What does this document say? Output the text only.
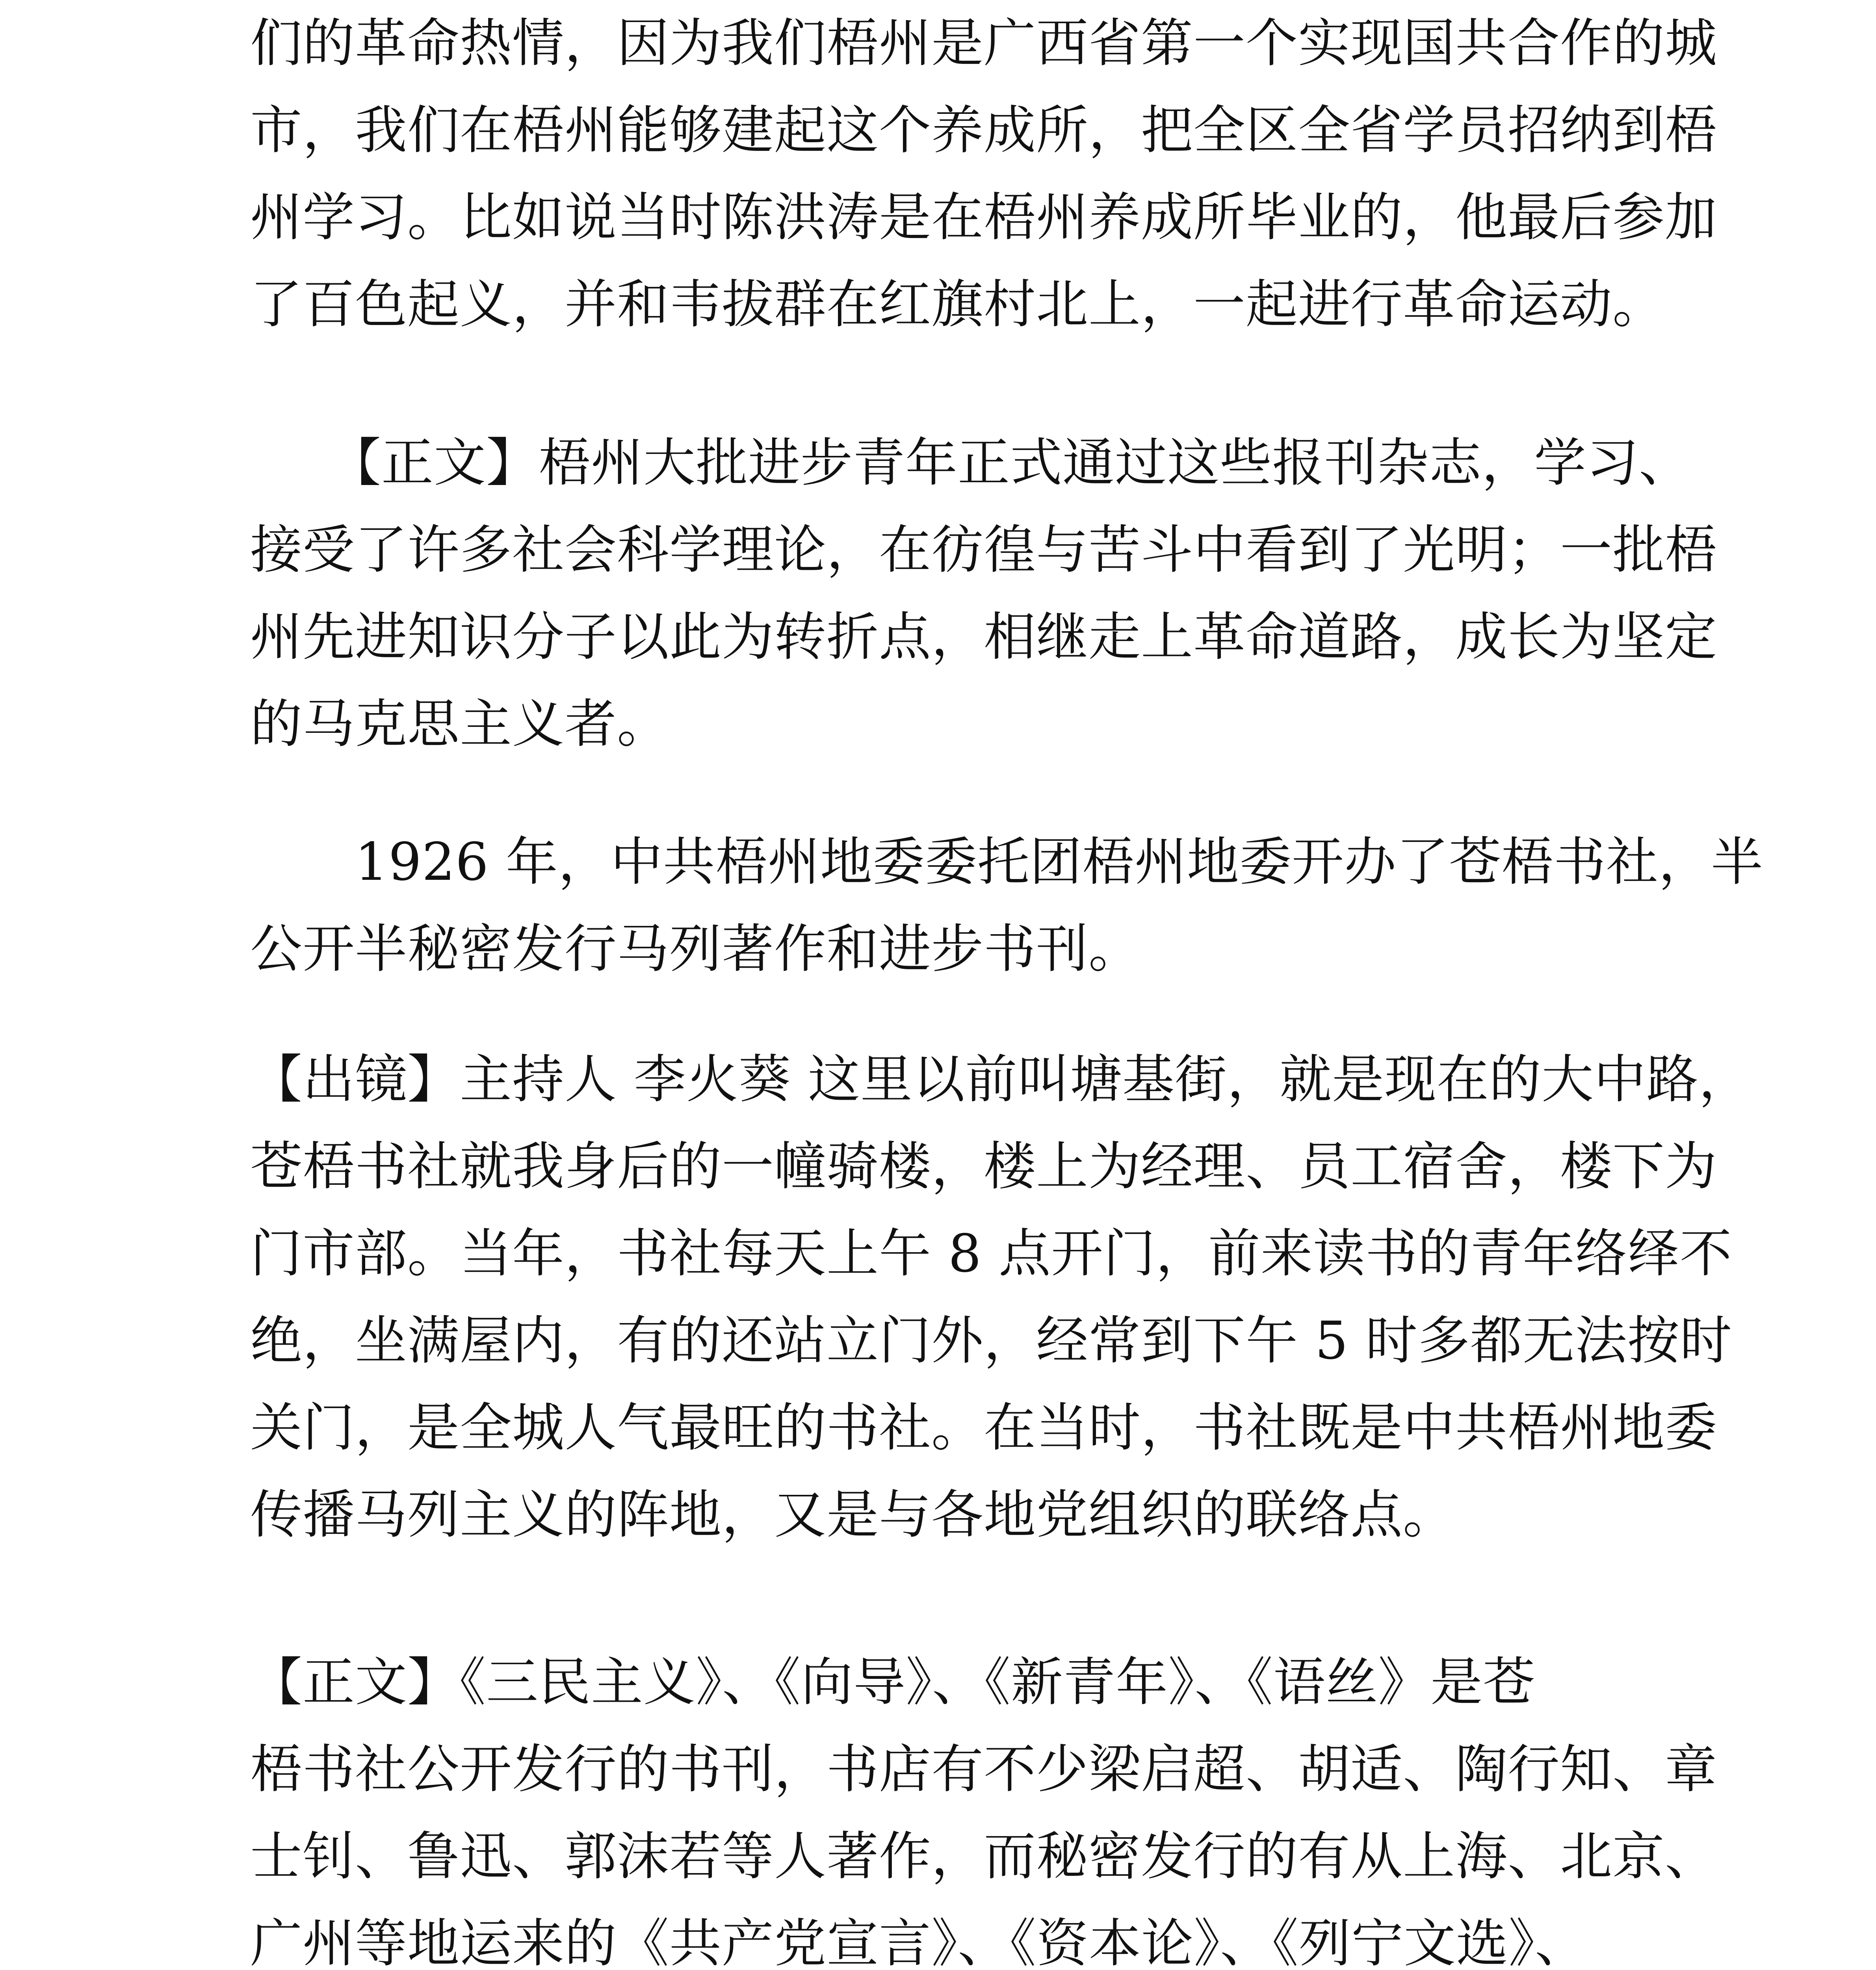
们的革命热情，因为我们梧州是广西省第一个实现国共合作的城
市，我们在梧州能够建起这个养成所，把全区全省学员招纳到梧
州学习。比如说当时陈洪涛是在梧州养成所毕业的，他最后参加
了百色起义，并和韦拔群在红旗村北上，一起进行革命运动。
　　【正文】梧州大批进步青年正式通过这些报刊杂志，学习、
接受了许多社会科学理论，在彷徨与苦斗中看到了光明；一批梧
州先进知识分子以此为转折点，相继走上革命道路，成长为坚定
的马克思主义者。
　　1926 年，中共梧州地委委托团梧州地委开办了苍梧书社，半
公开半秘密发行马列著作和进步书刊。
【出镜】主持人 李火葵 这里以前叫塘基街，就是现在的大中路，
苍梧书社就我身后的一幢骑楼，楼上为经理、员工宿舍，楼下为
门市部。当年，书社每天上午 8 点开门，前来读书的青年络绎不
绝，坐满屋内，有的还站立门外，经常到下午 5 时多都无法按时
关门，是全城人气最旺的书社。在当时，书社既是中共梧州地委
传播马列主义的阵地，又是与各地党组织的联络点。
【正文】《三民主义》、《向导》、《新青年》、《语丝》是苍
梧书社公开发行的书刊，书店有不少梁启超、胡适、陶行知、章
士钊、鲁迅、郭沫若等人著作，而秘密发行的有从上海、北京、
广州等地运来的《共产党宣言》、《资本论》、《列宁文选》、
